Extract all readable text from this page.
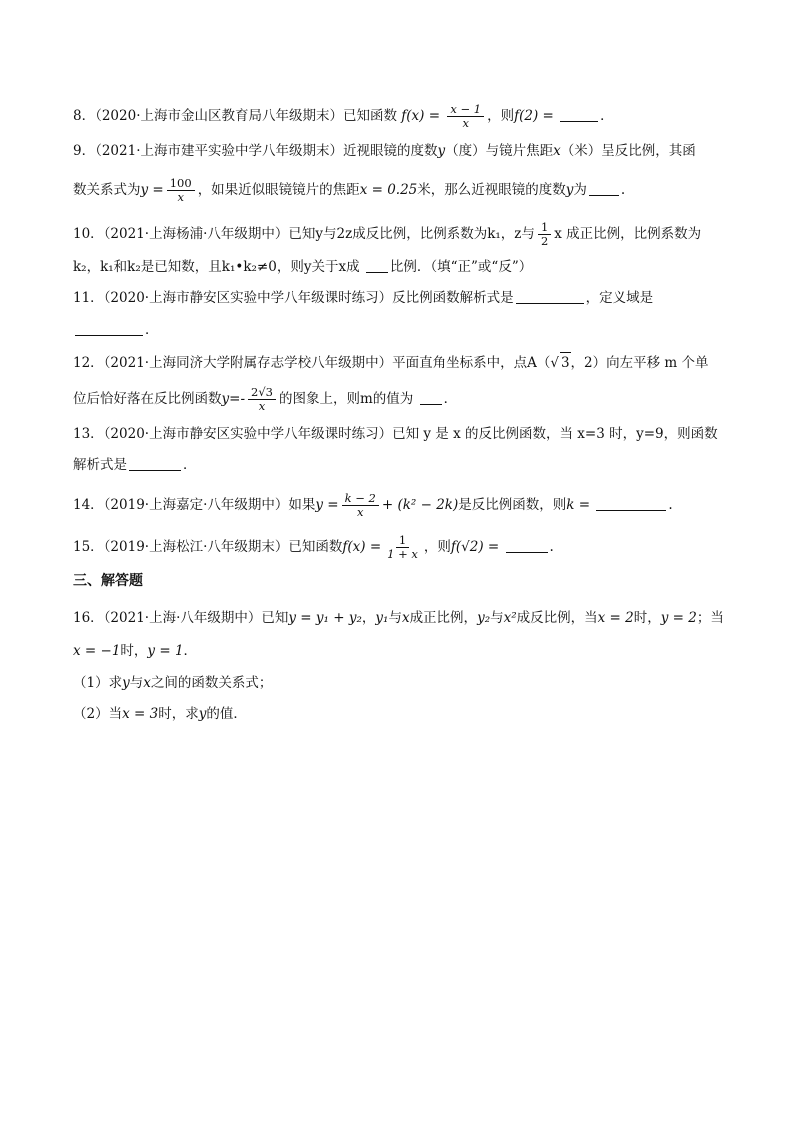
8．（2020·上海市金山区教育局八年级期末）已知函数 $f(x) = \frac{x - 1}{x}$ ，则f(2) =	．
9．（2021·上海市建平实验中学八年级期末）近视眼镜的度数y（度）与镜片焦距x（米）呈反比例，其函
数关系式为$y = \frac{100}{x}$ ，如果近似眼镜镜片的焦距x = 0.25米，那么近视眼镜的度数y为	.
10．（2021·上海杨浦·八年级期中）已知y与2z成反比例，比例系数为k₁，z与 $\frac{1}{2}$ x 成正比例，比例系数为
k₂，k₁和k₂是已知数，且k₁•k₂≠0，则y关于x成 比例．（填“正”或“反”）
11．（2020·上海市静安区实验中学八年级课时练习）反比例函数解析式是	，定义域是
．
12．（2021·上海同济大学附属存志学校八年级期中）平面直角坐标系中，点A（√ 3，2）向左平移 m 个单
位后恰好落在反比例函数$y=- \frac{2√3}{x}$ 的图象上，则m的值为 ．
13．（2020·上海市静安区实验中学八年级课时练习）已知 y 是 x 的反比例函数，当 x=3 时，y=9，则函数
解析式是	．
14．（2019·上海嘉定·八年级期中）如果$y = \frac{k - 2}{x} + (k^2 - 2k)$是反比例函数，则k =	.
15．（2019·上海松江·八年级期末）已知函数$f(x) = \frac{1}{1 + x}$ ，则f(√2) =	.
三、解答题
16．（2021·上海·八年级期中）已知y = y₁ + y₂，y₁与x成正比例，y₂与x²成反比例，当x = 2时，y = 2；当
x = −1时，y = 1．
（1）求y与x之间的函数关系式；
（2）当x = 3时，求y的值．
